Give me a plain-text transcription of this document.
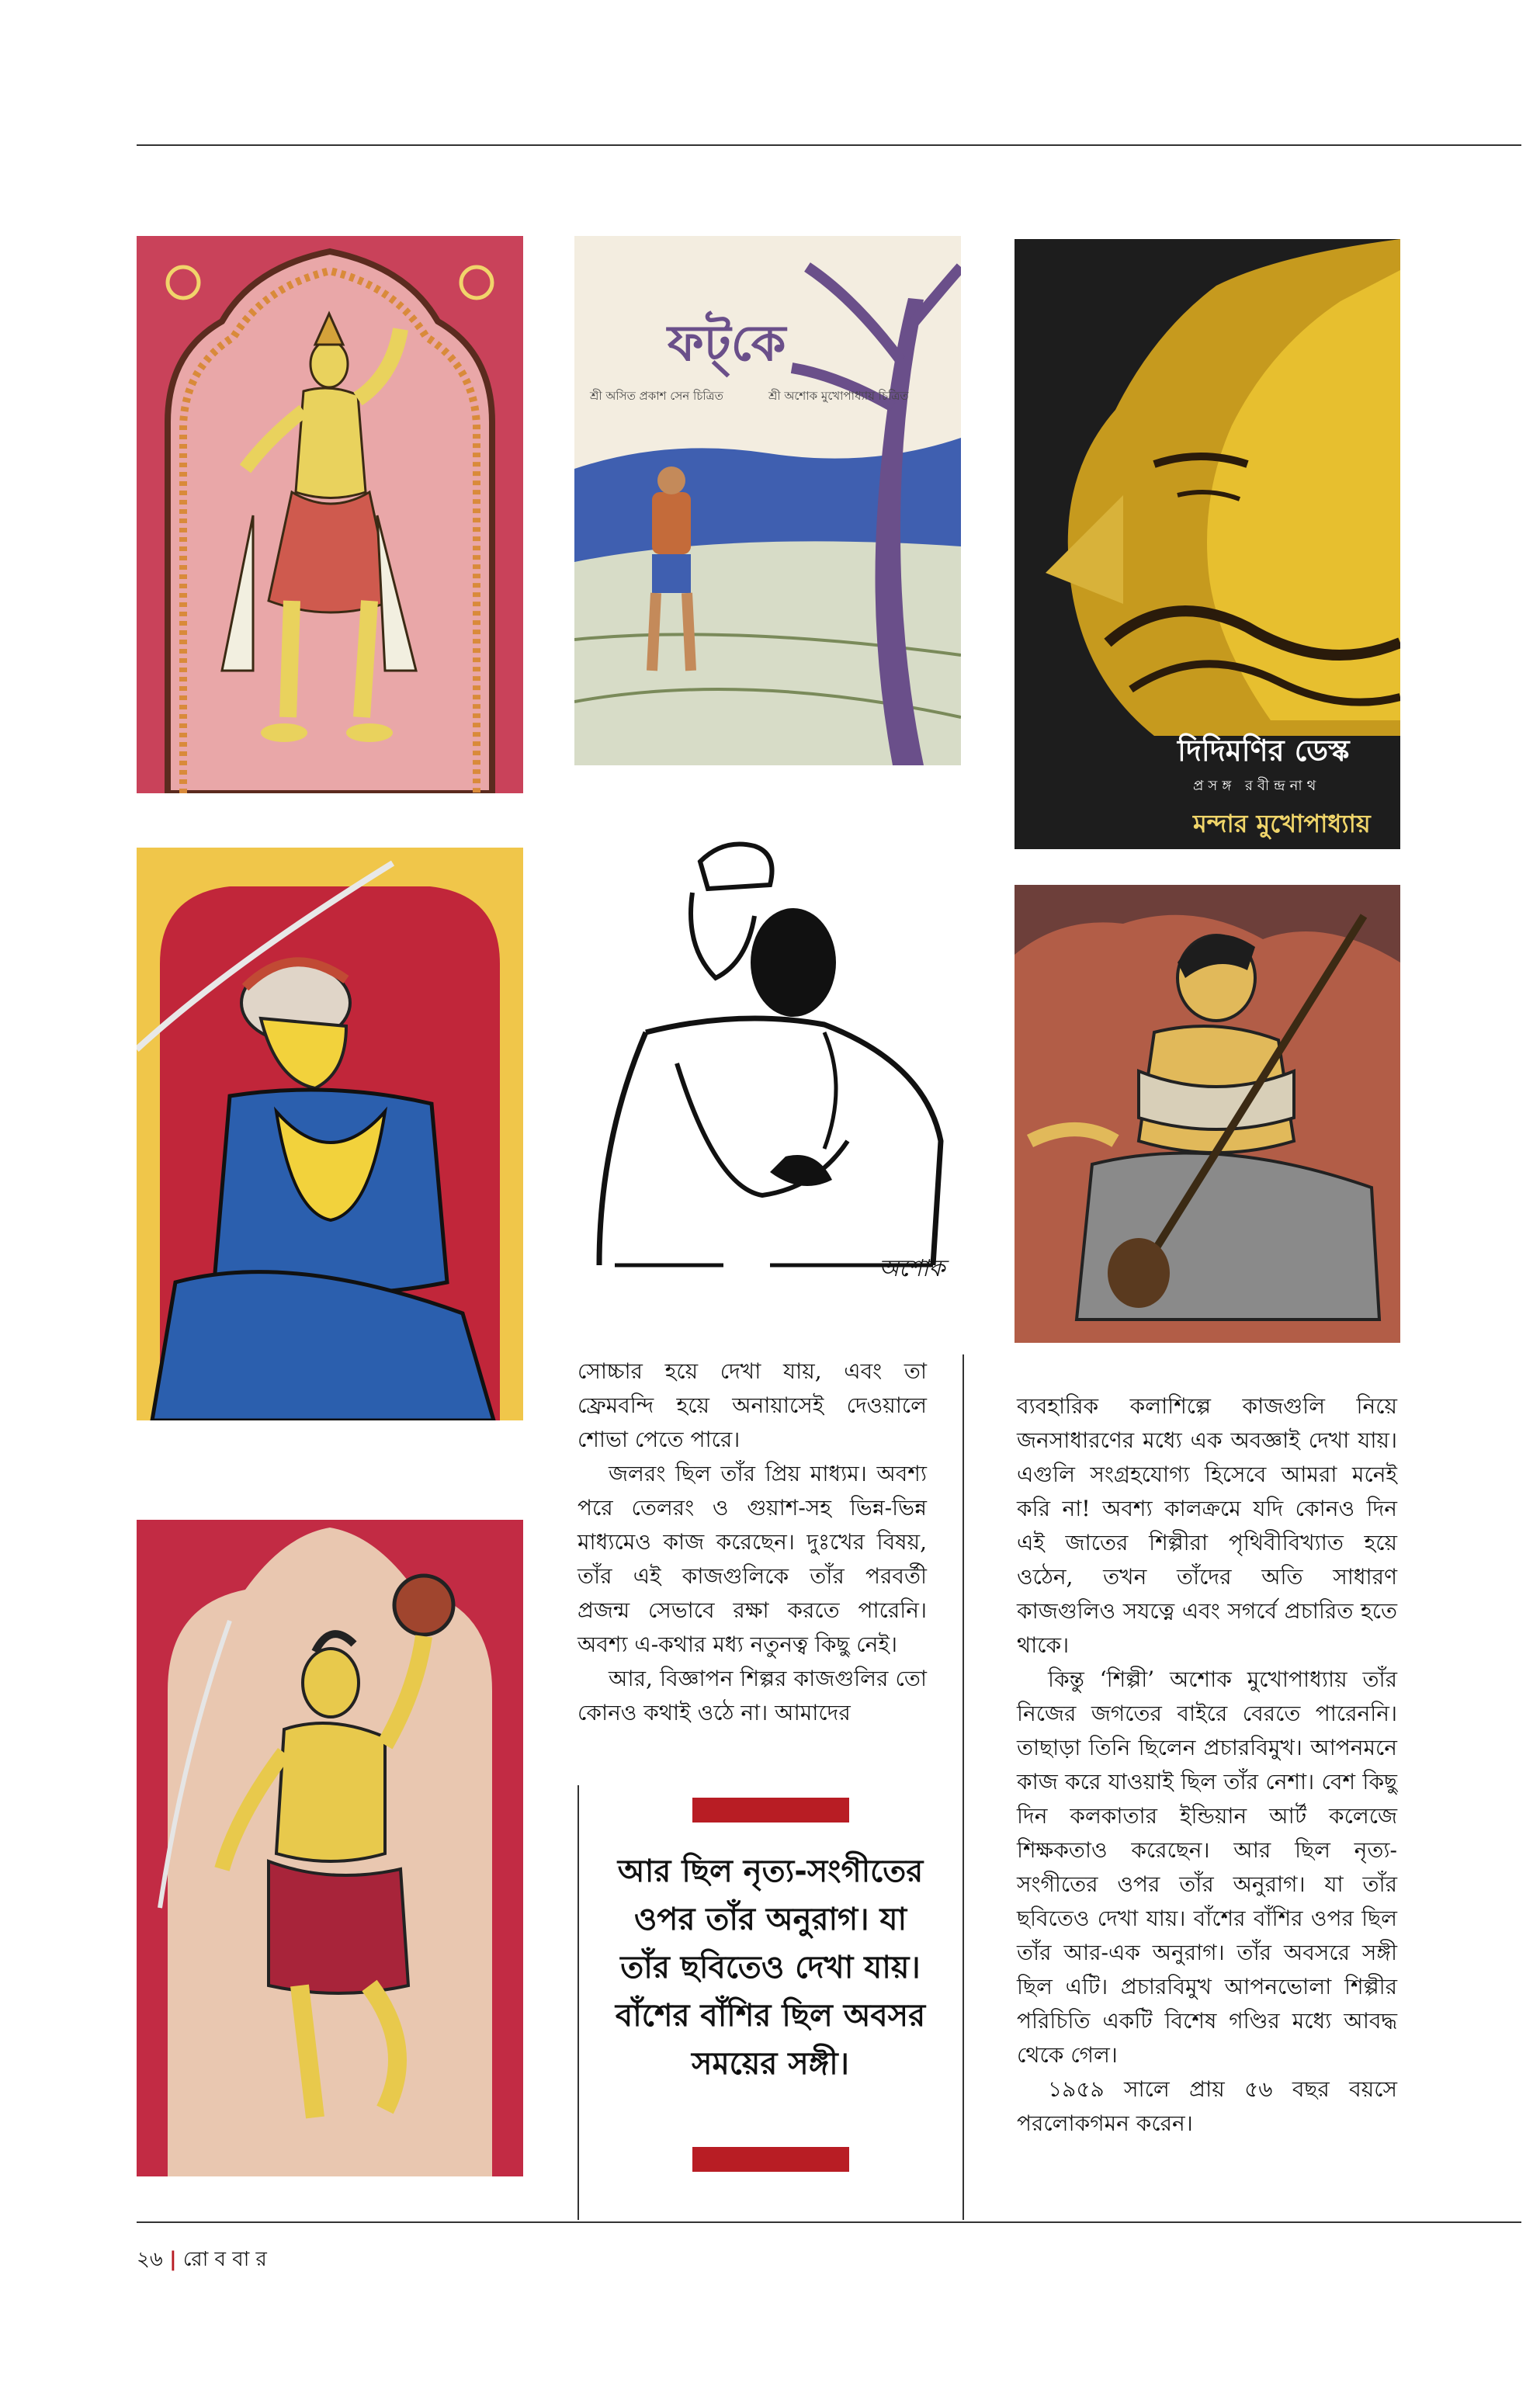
ফট্‌কে
শ্রী অসিত প্রকাশ সেন চিত্রিত	শ্রী অশোক মুখোপাধ্যায় চিত্রিত
দিদিমণির ডেস্ক
প্রসঙ্গ রবীন্দ্রনাথ
মন্দার মুখোপাধ্যায়
অশোক

সোচ্চার হয়ে দেখা যায়, এবং তা ফ্রেমবন্দি হয়ে অনায়াসেই দেওয়ালে শোভা পেতে পারে।

জলরং ছিল তাঁর প্রিয় মাধ্যম। অবশ্য পরে তেলরং ও গুয়াশ-সহ ভিন্ন-ভিন্ন মাধ্যমেও কাজ করেছেন। দুঃখের বিষয়, তাঁর এই কাজগুলিকে তাঁর পরবর্তী প্রজন্ম সেভাবে রক্ষা করতে পারেনি। অবশ্য এ-কথার মধ্য নতুনত্ব কিছু নেই।

আর, বিজ্ঞাপন শিল্পর কাজগুলির তো কোনও কথাই ওঠে না। আমাদের

আর ছিল নৃত্য-সংগীতের ওপর তাঁর অনুরাগ। যা তাঁর ছবিতেও দেখা যায়। বাঁশের বাঁশির ছিল অবসর সময়ের সঙ্গী।

ব্যবহারিক কলাশিল্পে কাজগুলি নিয়ে জনসাধারণের মধ্যে এক অবজ্ঞাই দেখা যায়। এগুলি সংগ্রহযোগ্য হিসেবে আমরা মনেই করি না! অবশ্য কালক্রমে যদি কোনও দিন এই জাতের শিল্পীরা পৃথিবীবিখ্যাত হয়ে ওঠেন, তখন তাঁদের অতি সাধারণ কাজগুলিও সযত্নে এবং সগর্বে প্রচারিত হতে থাকে।

কিন্তু ‘শিল্পী’ অশোক মুখোপাধ্যায় তাঁর নিজের জগতের বাইরে বেরতে পারেননি। তাছাড়া তিনি ছিলেন প্রচারবিমুখ। আপনমনে কাজ করে যাওয়াই ছিল তাঁর নেশা। বেশ কিছু দিন কলকাতার ইন্ডিয়ান আর্ট কলেজে শিক্ষকতাও করেছেন। আর ছিল নৃত্য-সংগীতের ওপর তাঁর অনুরাগ। যা তাঁর ছবিতেও দেখা যায়। বাঁশের বাঁশির ওপর ছিল তাঁর আর-এক অনুরাগ। তাঁর অবসরে সঙ্গী ছিল এটি। প্রচারবিমুখ আপনভোলা শিল্পীর পরিচিতি একটি বিশেষ গণ্ডির মধ্যে আবদ্ধ থেকে গেল।

১৯৫৯ সালে প্রায় ৫৬ বছর বয়সে পরলোকগমন করেন।

২৬ | রো ব বা র
